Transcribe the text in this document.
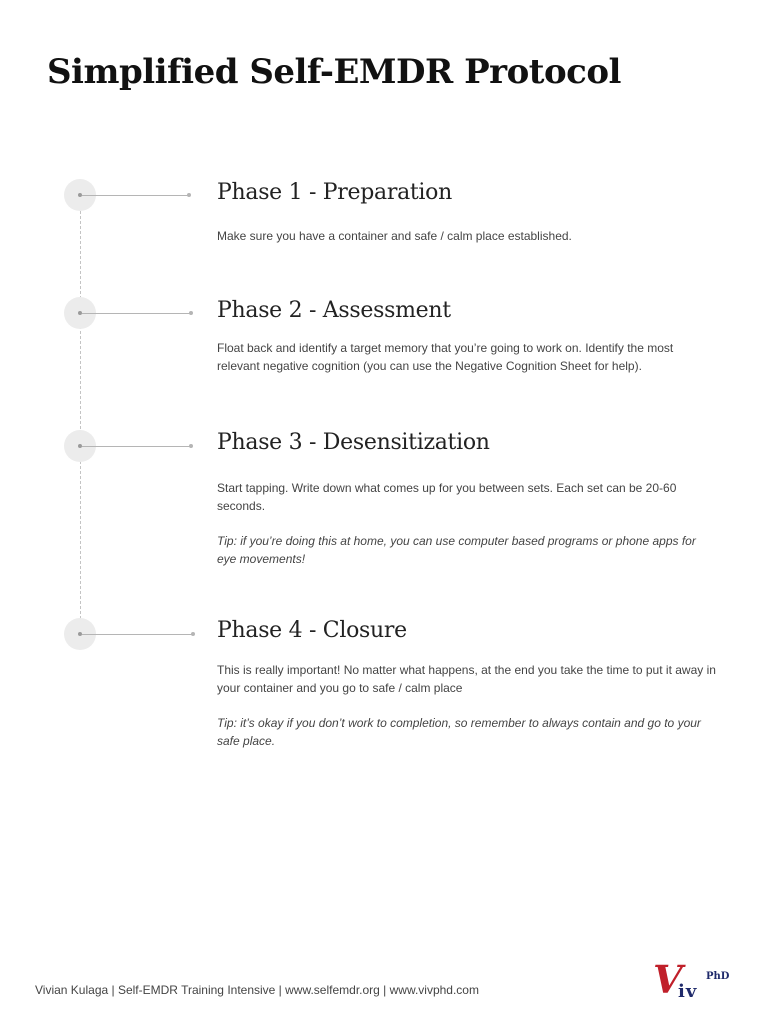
Simplified Self-EMDR Protocol
Phase 1 - Preparation

Make sure you have a container and safe / calm place established.

Phase 2 - Assessment

Float back and identify a target memory that you’re going to work on. Identify the most relevant negative cognition (you can use the Negative Cognition Sheet for help).

Phase 3 - Desensitization

Start tapping. Write down what comes up for you between sets. Each set can be 20-60 seconds.

Tip: if you’re doing this at home, you can use computer based programs or phone apps for eye movements!

Phase 4 - Closure

This is really important! No matter what happens, at the end you take the time to put it away in your container and you go to safe / calm place

Tip: it’s okay if you don’t work to completion, so remember to always contain and go to your safe place.

Vivian Kulaga | Self-EMDR Training Intensive | www.selfemdr.org | www.vivphd.com	V
iv
PhD
